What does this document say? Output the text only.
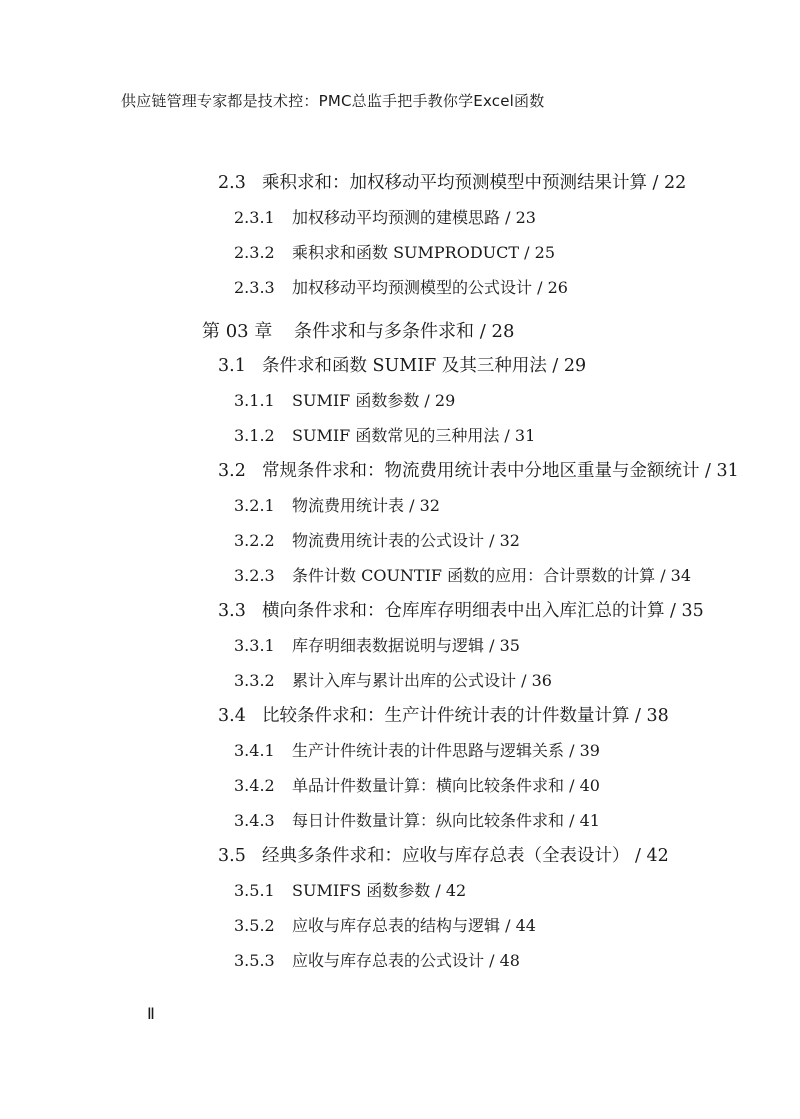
供应链管理专家都是技术控：PMC总监手把手教你学Excel函数
2.3 乘积求和：加权移动平均预测模型中预测结果计算 / 22
2.3.1 加权移动平均预测的建模思路 / 23
2.3.2 乘积求和函数 SUMPRODUCT / 25
2.3.3 加权移动平均预测模型的公式设计 / 26
第 03 章 条件求和与多条件求和 / 28
3.1 条件求和函数 SUMIF 及其三种用法 / 29
3.1.1 SUMIF 函数参数 / 29
3.1.2 SUMIF 函数常见的三种用法 / 31
3.2 常规条件求和：物流费用统计表中分地区重量与金额统计 / 31
3.2.1 物流费用统计表 / 32
3.2.2 物流费用统计表的公式设计 / 32
3.2.3 条件计数 COUNTIF 函数的应用：合计票数的计算 / 34
3.3 横向条件求和：仓库库存明细表中出入库汇总的计算 / 35
3.3.1 库存明细表数据说明与逻辑 / 35
3.3.2 累计入库与累计出库的公式设计 / 36
3.4 比较条件求和：生产计件统计表的计件数量计算 / 38
3.4.1 生产计件统计表的计件思路与逻辑关系 / 39
3.4.2 单品计件数量计算：横向比较条件求和 / 40
3.4.3 每日计件数量计算：纵向比较条件求和 / 41
3.5 经典多条件求和：应收与库存总表（全表设计） / 42
3.5.1 SUMIFS 函数参数 / 42
3.5.2 应收与库存总表的结构与逻辑 / 44
3.5.3 应收与库存总表的公式设计 / 48
Ⅱ
